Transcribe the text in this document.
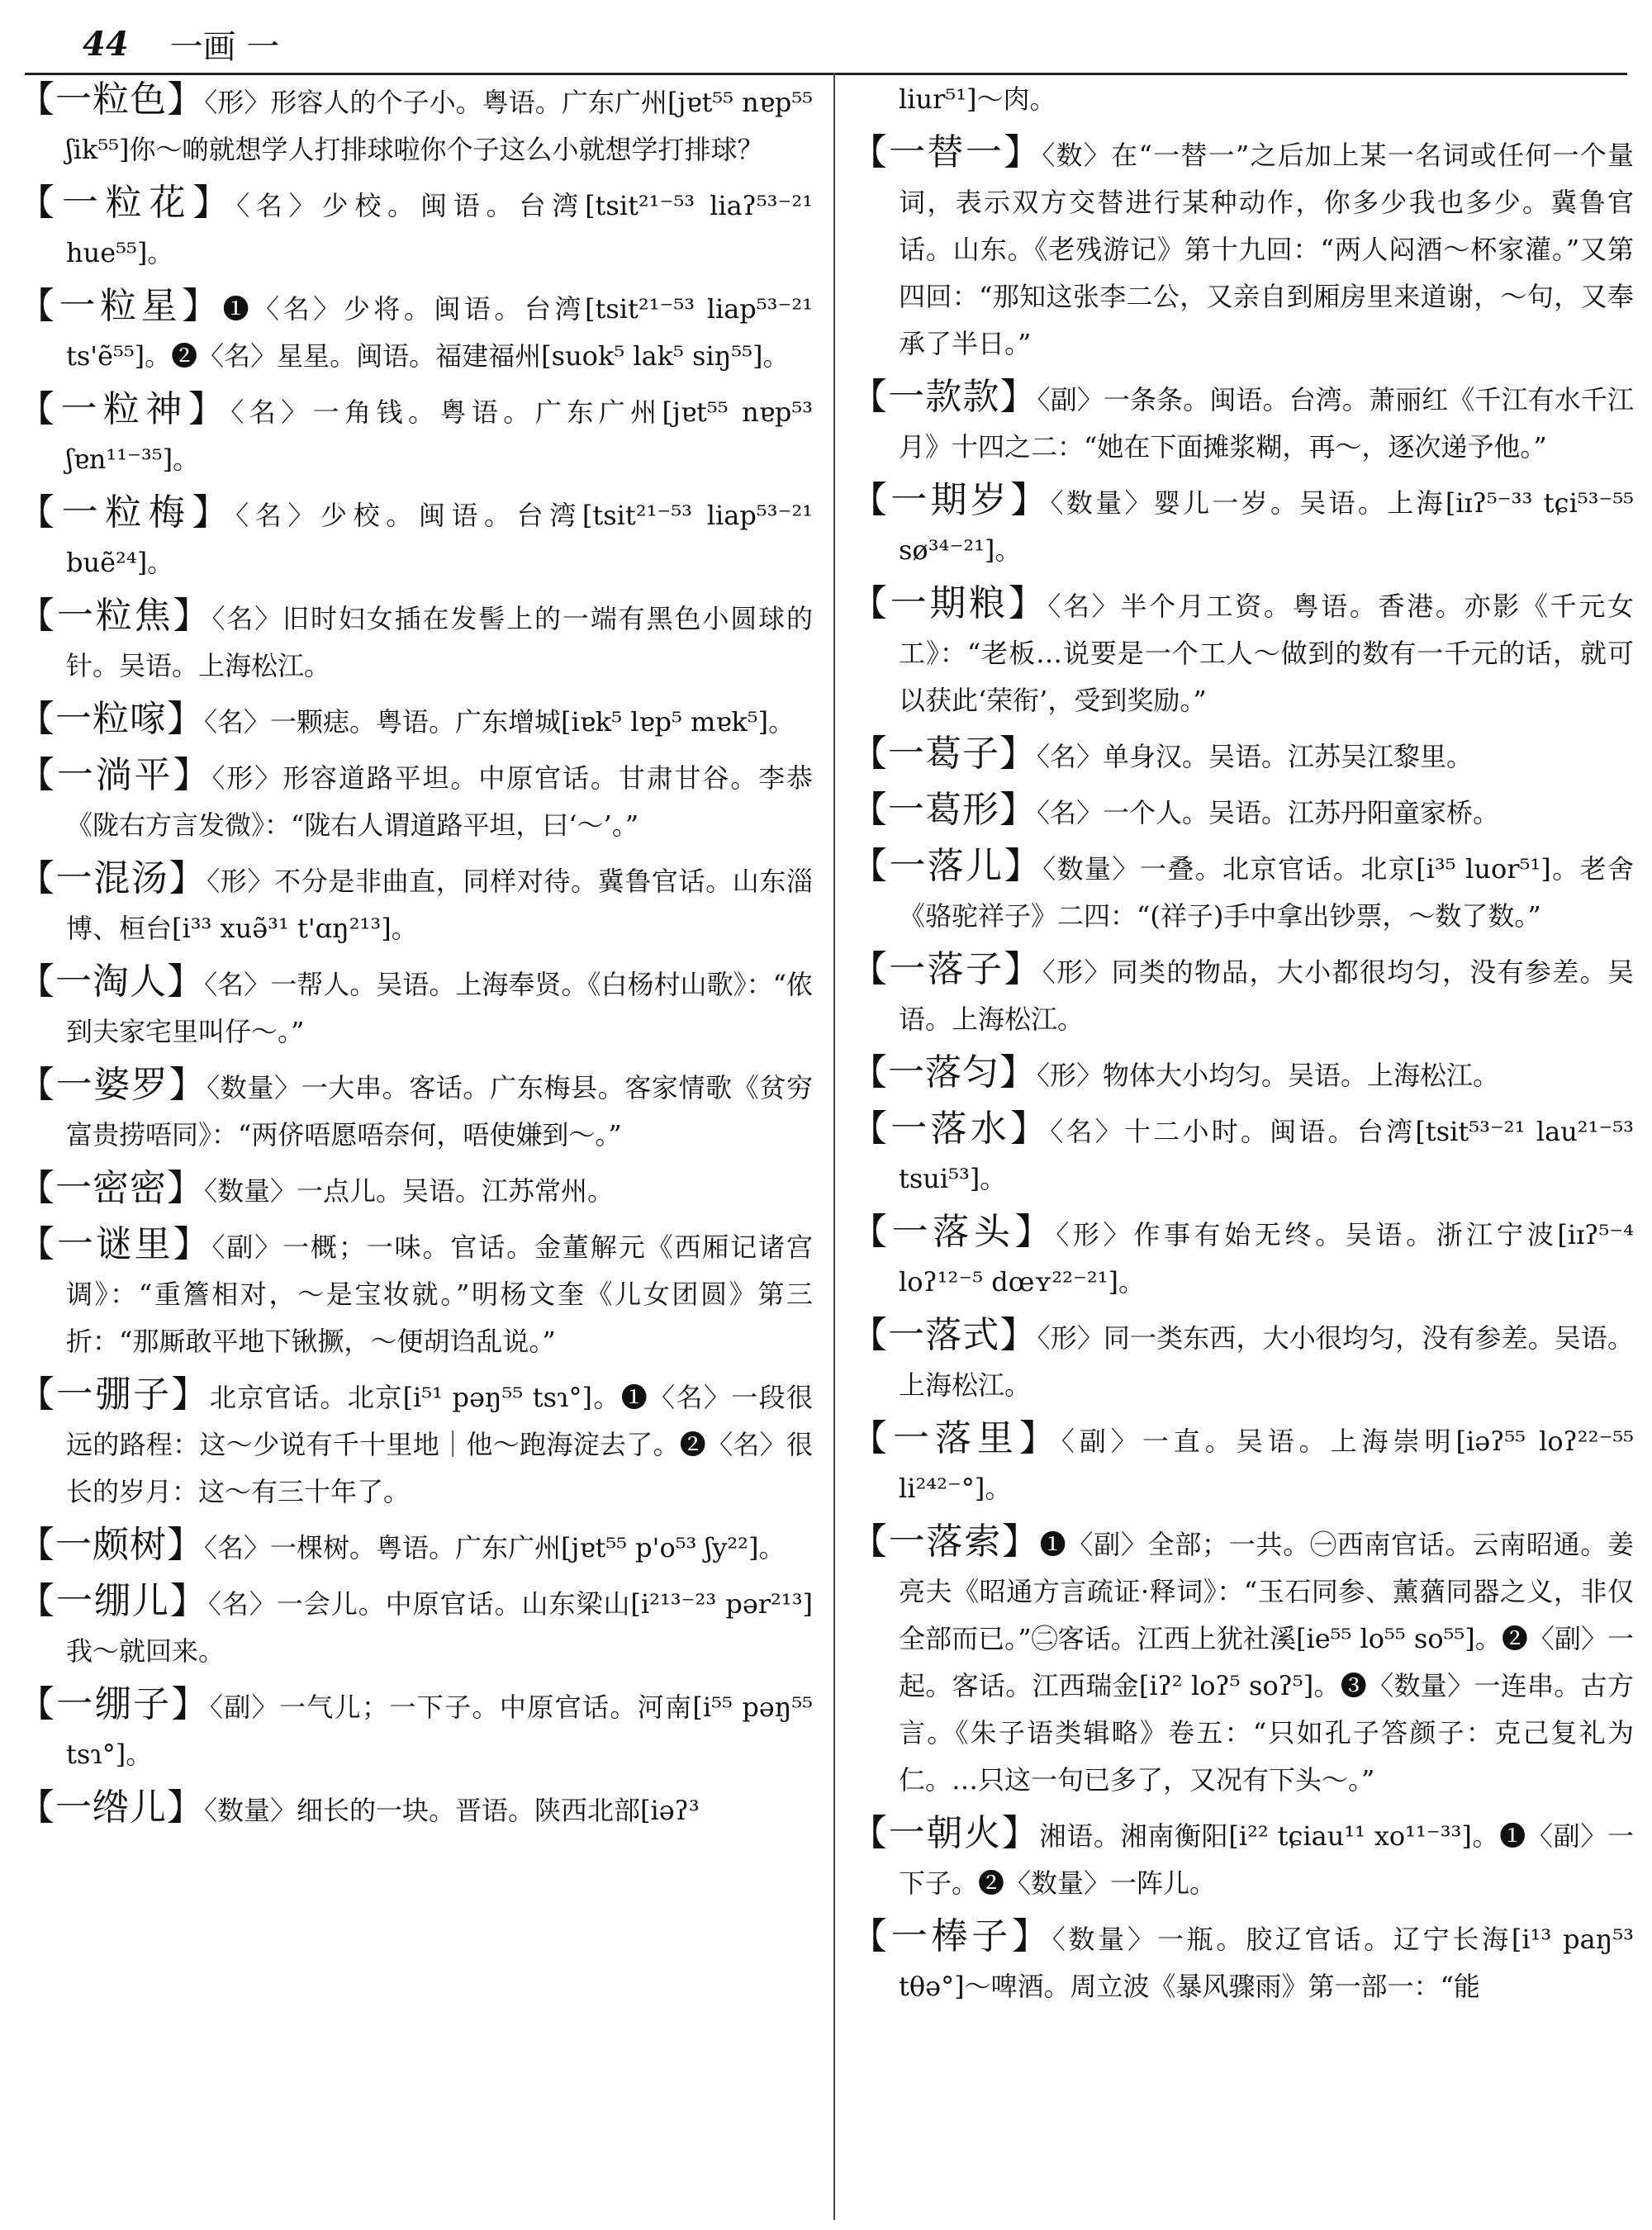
44 一画 一
【 一粒色 】 〈形〉形容人的个子小。粤语。广东广州[jɐt⁵⁵ nɐp⁵⁵ ʃik⁵⁵]你～啲就想学人打排球啦你个子这么小就想学打排球？
【 一粒花 】 〈名〉少校。闽语。台湾[tsit²¹⁻⁵³ liaʔ⁵³⁻²¹ hue⁵⁵]。
【 一粒星 】 ❶〈名〉少将。闽语。台湾[tsit²¹⁻⁵³ liap⁵³⁻²¹ ts'ẽ⁵⁵]。❷〈名〉星星。闽语。福建福州[suok⁵ lak⁵ siŋ⁵⁵]。
【 一粒神 】 〈名〉一角钱。粤语。广东广州[jɐt⁵⁵ nɐp⁵³ ʃɐn¹¹⁻³⁵]。
【 一粒梅 】 〈名〉少校。闽语。台湾[tsit²¹⁻⁵³ liap⁵³⁻²¹ buẽ²⁴]。
【 一粒焦 】 〈名〉旧时妇女插在发髻上的一端有黑色小圆球的针。吴语。上海松江。
【 一粒𠺢 】 〈名〉一颗痣。粤语。广东增城[iɐk⁵ lɐp⁵ mɐk⁵]。
【 一淌平 】 〈形〉形容道路平坦。中原官话。甘肃甘谷。李恭《陇右方言发微》：“陇右人谓道路平坦，曰‘～’。”
【 一混汤 】 〈形〉不分是非曲直，同样对待。冀鲁官话。山东淄博、桓台[i³³ xuə̃³¹ t'ɑŋ²¹³]。
【 一淘人 】 〈名〉一帮人。吴语。上海奉贤。《白杨村山歌》：“侬到夫家宅里叫仔～。”
【 一婆罗 】 〈数量〉一大串。客话。广东梅县。客家情歌《贫穷富贵捞唔同》：“两侪唔愿唔奈何，唔使嫌到～。”
【 一密密 】 〈数量〉一点儿。吴语。江苏常州。
【 一谜里 】 〈副〉一概；一味。官话。金董解元《西厢记诸宫调》：“重簷相对，～是宝妆就。”明杨文奎《儿女团圆》第三折：“那厮敢平地下锹撅，～便胡诌乱说。”
【 一弸子 】 北京官话。北京[i⁵¹ pəŋ⁵⁵ tsɿ°]。❶〈名〉一段很远的路程：这～少说有千十里地｜他～跑海淀去了。❷〈名〉很长的岁月：这～有三十年了。
【 一颇树 】 〈名〉一棵树。粤语。广东广州[jɐt⁵⁵ p'o⁵³ ʃy²²]。
【 一绷儿 】 〈名〉一会儿。中原官话。山东梁山[i²¹³⁻²³ pər²¹³]我～就回来。
【 一绷子 】 〈副〉一气儿；一下子。中原官话。河南[i⁵⁵ pəŋ⁵⁵ tsɿ°]。
【 一绺儿 】 〈数量〉细长的一块。晋语。陕西北部[iəʔ³
liur⁵¹]～肉。
【 一替一 】 〈数〉在“一替一”之后加上某一名词或任何一个量词，表示双方交替进行某种动作，你多少我也多少。冀鲁官话。山东。《老残游记》第十九回：“两人闷酒～杯家灌。”又第四回：“那知这张李二公，又亲自到厢房里来道谢，～句，又奉承了半日。”
【 一款款 】 〈副〉一条条。闽语。台湾。萧丽红《千江有水千江月》十四之二：“她在下面摊浆糊，再～，逐次递予他。”
【 一期岁 】 〈数量〉婴儿一岁。吴语。上海[iɪʔ⁵⁻³³ tɕi⁵³⁻⁵⁵ sø³⁴⁻²¹]。
【 一期粮 】 〈名〉半个月工资。粤语。香港。亦影《千元女工》：“老板…说要是一个工人～做到的数有一千元的话，就可以获此‘荣衔’，受到奖励。”
【 一葛子 】 〈名〉单身汉。吴语。江苏吴江黎里。
【 一葛形 】 〈名〉一个人。吴语。江苏丹阳童家桥。
【 一落儿 】 〈数量〉一叠。北京官话。北京[i³⁵ luor⁵¹]。老舍《骆驼祥子》二四：“(祥子)手中拿出钞票，～数了数。”
【 一落子 】 〈形〉同类的物品，大小都很均匀，没有参差。吴语。上海松江。
【 一落匀 】 〈形〉物体大小均匀。吴语。上海松江。
【 一落水 】 〈名〉十二小时。闽语。台湾[tsit⁵³⁻²¹ lau²¹⁻⁵³ tsui⁵³]。
【 一落头 】 〈形〉作事有始无终。吴语。浙江宁波[iɪʔ⁵⁻⁴ loʔ¹²⁻⁵ dœʏ²²⁻²¹]。
【 一落式 】 〈形〉同一类东西，大小很均匀，没有参差。吴语。上海松江。
【 一落里 】 〈副〉一直。吴语。上海崇明[iəʔ⁵⁵ loʔ²²⁻⁵⁵ li²⁴²⁻°]。
【 一落索 】 ❶〈副〉全部；一共。㊀西南官话。云南昭通。姜亮夫《昭通方言疏证·释词》：“玉石同参、薰蕕同器之义，非仅全部而已。”㊁客话。江西上犹社溪[ie⁵⁵ lo⁵⁵ so⁵⁵]。❷〈副〉一起。客话。江西瑞金[iʔ² loʔ⁵ soʔ⁵]。❸〈数量〉一连串。古方言。《朱子语类辑略》卷五：“只如孔子答颜子：克己复礼为仁。…只这一句已多了，又况有下头～。”
【 一朝火 】 湘语。湘南衡阳[i²² tɕiau¹¹ xo¹¹⁻³³]。❶〈副〉一下子。❷〈数量〉一阵儿。
【 一棒子 】 〈数量〉一瓶。胶辽官话。辽宁长海[i¹³ paŋ⁵³ tθə°]～啤酒。周立波《暴风骤雨》第一部一：“能
